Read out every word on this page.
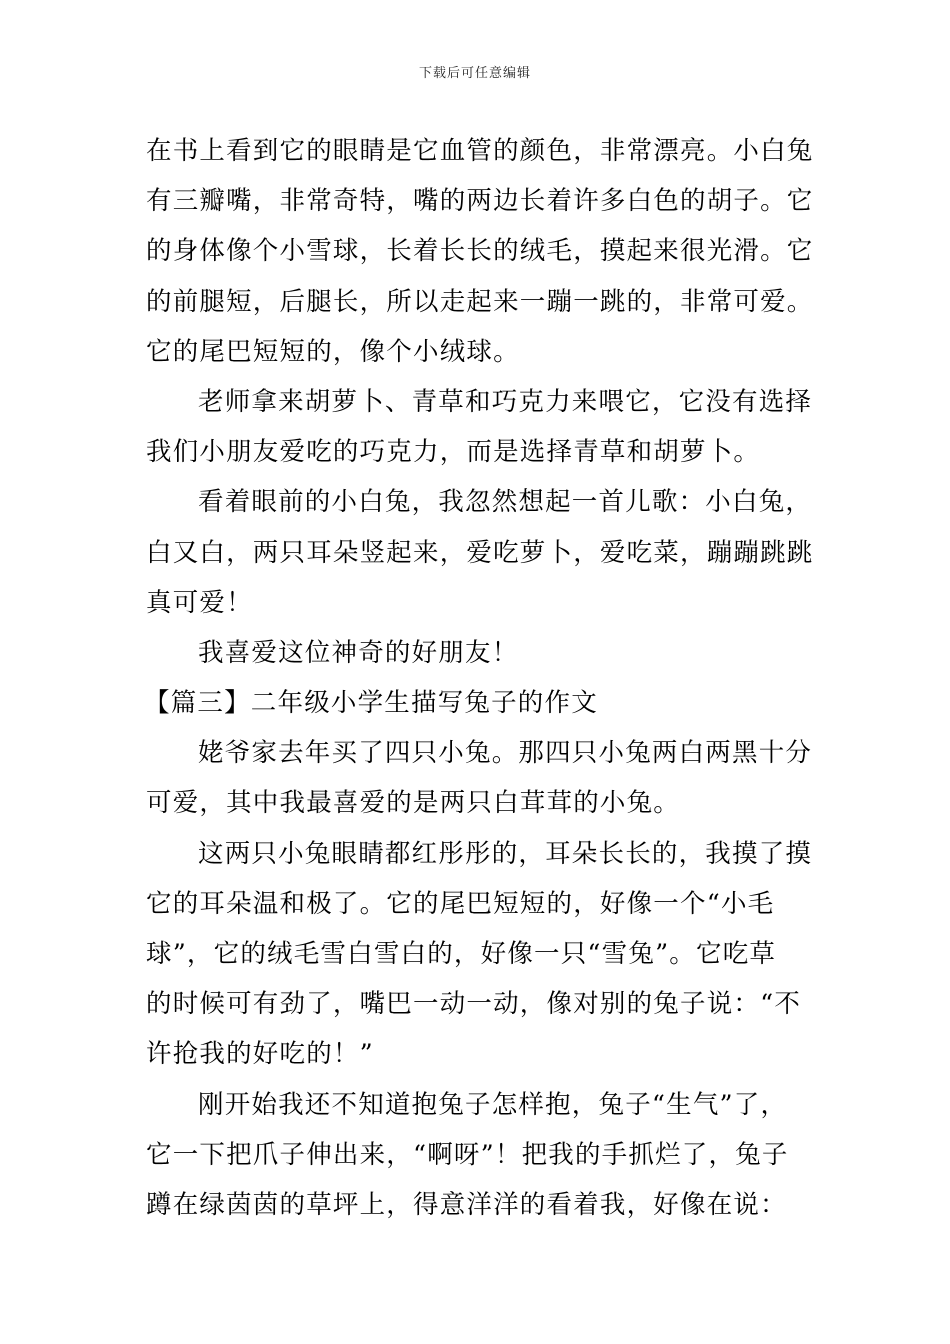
下载后可任意编辑
在书上看到它的眼睛是它血管的颜色，非常漂亮。小白兔
有三瓣嘴，非常奇特，嘴的两边长着许多白色的胡子。它
的身体像个小雪球，长着长长的绒毛，摸起来很光滑。它
的前腿短，后腿长，所以走起来一蹦一跳的，非常可爱。
它的尾巴短短的，像个小绒球。
老师拿来胡萝卜、青草和巧克力来喂它，它没有选择
我们小朋友爱吃的巧克力，而是选择青草和胡萝卜。
看着眼前的小白兔，我忽然想起一首儿歌：小白兔，
白又白，两只耳朵竖起来，爱吃萝卜，爱吃菜，蹦蹦跳跳
真可爱！
我喜爱这位神奇的好朋友！
【篇三】二年级小学生描写兔子的作文
姥爷家去年买了四只小兔。那四只小兔两白两黑十分
可爱，其中我最喜爱的是两只白茸茸的小兔。
这两只小兔眼睛都红彤彤的，耳朵长长的，我摸了摸
它的耳朵温和极了。它的尾巴短短的，好像一个“小毛
球”，它的绒毛雪白雪白的，好像一只“雪兔”。它吃草
的时候可有劲了，嘴巴一动一动，像对别的兔子说：“不
许抢我的好吃的！”
刚开始我还不知道抱兔子怎样抱，兔子“生气”了，
它一下把爪子伸出来，“啊呀”！把我的手抓烂了，兔子
蹲在绿茵茵的草坪上，得意洋洋的看着我，好像在说：
